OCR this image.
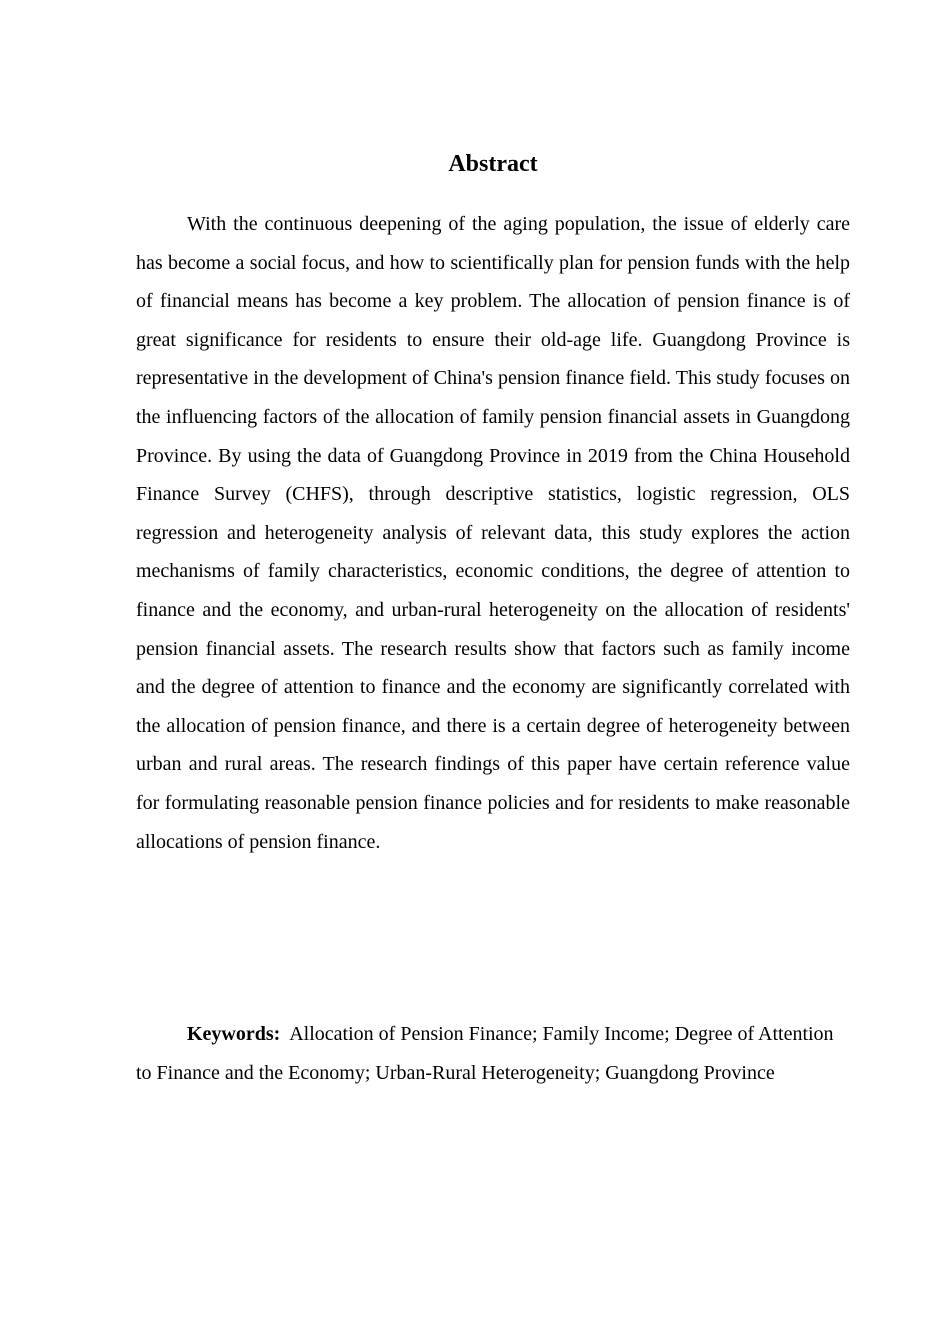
Abstract

With the continuous deepening of the aging population, the issue of elderly care has become a social focus, and how to scientifically plan for pension funds with the help of financial means has become a key problem. The allocation of pension finance is of great significance for residents to ensure their old-age life. Guangdong Province is representative in the development of China's pension finance field. This study focuses on the influencing factors of the allocation of family pension financial assets in Guangdong Province. By using the data of Guangdong Province in 2019 from the China Household Finance Survey (CHFS), through descriptive statistics, logistic regression, OLS regression and heterogeneity analysis of relevant data, this study explores the action mechanisms of family characteristics, economic conditions, the degree of attention to finance and the economy, and urban-rural heterogeneity on the allocation of residents' pension financial assets. The research results show that factors such as family income and the degree of attention to finance and the economy are significantly correlated with the allocation of pension finance, and there is a certain degree of heterogeneity between urban and rural areas. The research findings of this paper have certain reference value for formulating reasonable pension finance policies and for residents to make reasonable allocations of pension finance.

Keywords: Allocation of Pension Finance; Family Income; Degree of Attention to Finance and the Economy; Urban-Rural Heterogeneity; Guangdong Province
